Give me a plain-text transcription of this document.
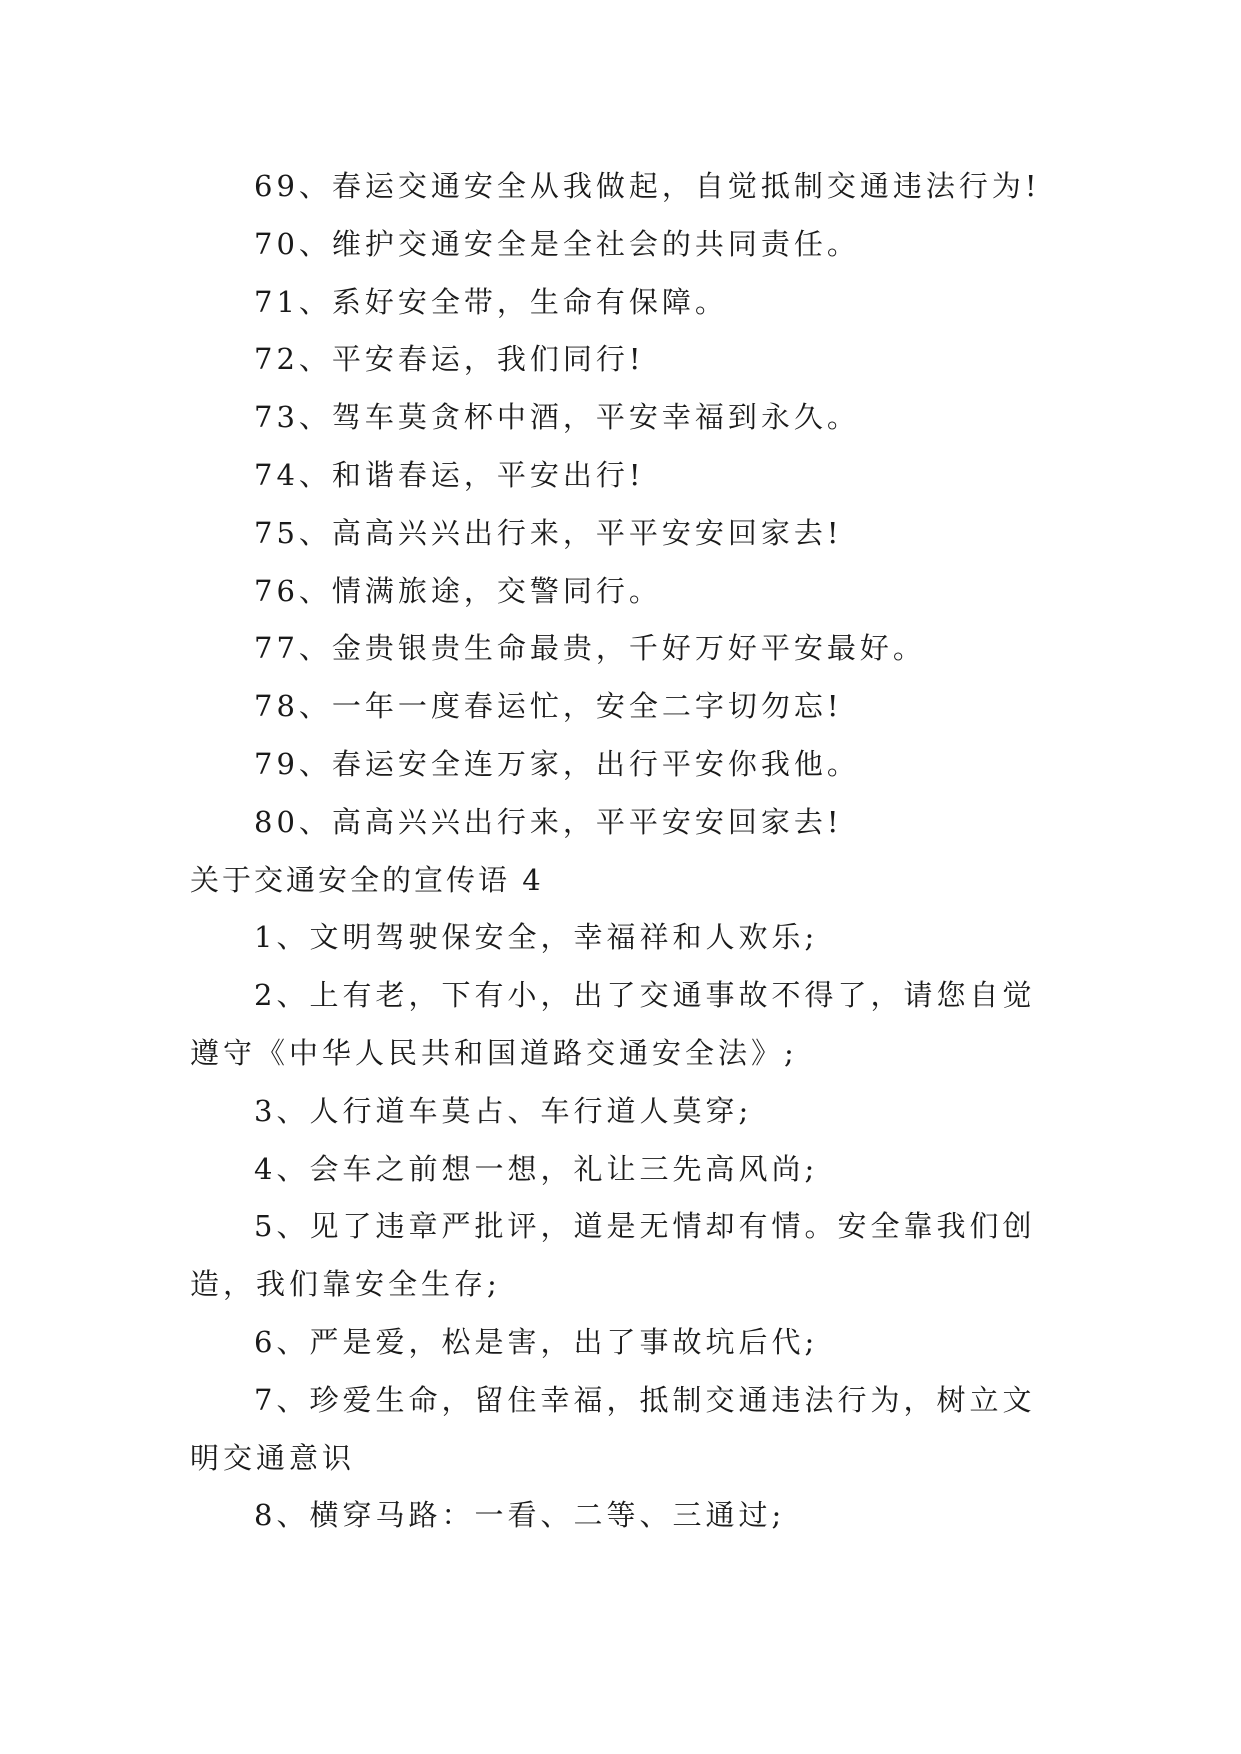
69、春运交通安全从我做起，自觉抵制交通违法行为!
70、维护交通安全是全社会的共同责任。
71、系好安全带，生命有保障。
72、平安春运，我们同行!
73、驾车莫贪杯中酒，平安幸福到永久。
74、和谐春运，平安出行!
75、高高兴兴出行来，平平安安回家去!
76、情满旅途，交警同行。
77、金贵银贵生命最贵，千好万好平安最好。
78、一年一度春运忙，安全二字切勿忘!
79、春运安全连万家，出行平安你我他。
80、高高兴兴出行来，平平安安回家去!
关于交通安全的宣传语 4
1、文明驾驶保安全，幸福祥和人欢乐;
2、上有老，下有小，出了交通事故不得了，请您自觉
遵守《中华人民共和国道路交通安全法》;
3、人行道车莫占、车行道人莫穿;
4、会车之前想一想，礼让三先高风尚;
5、见了违章严批评，道是无情却有情。安全靠我们创
造，我们靠安全生存;
6、严是爱，松是害，出了事故坑后代;
7、珍爱生命，留住幸福，抵制交通违法行为，树立文
明交通意识
8、横穿马路：一看、二等、三通过;
